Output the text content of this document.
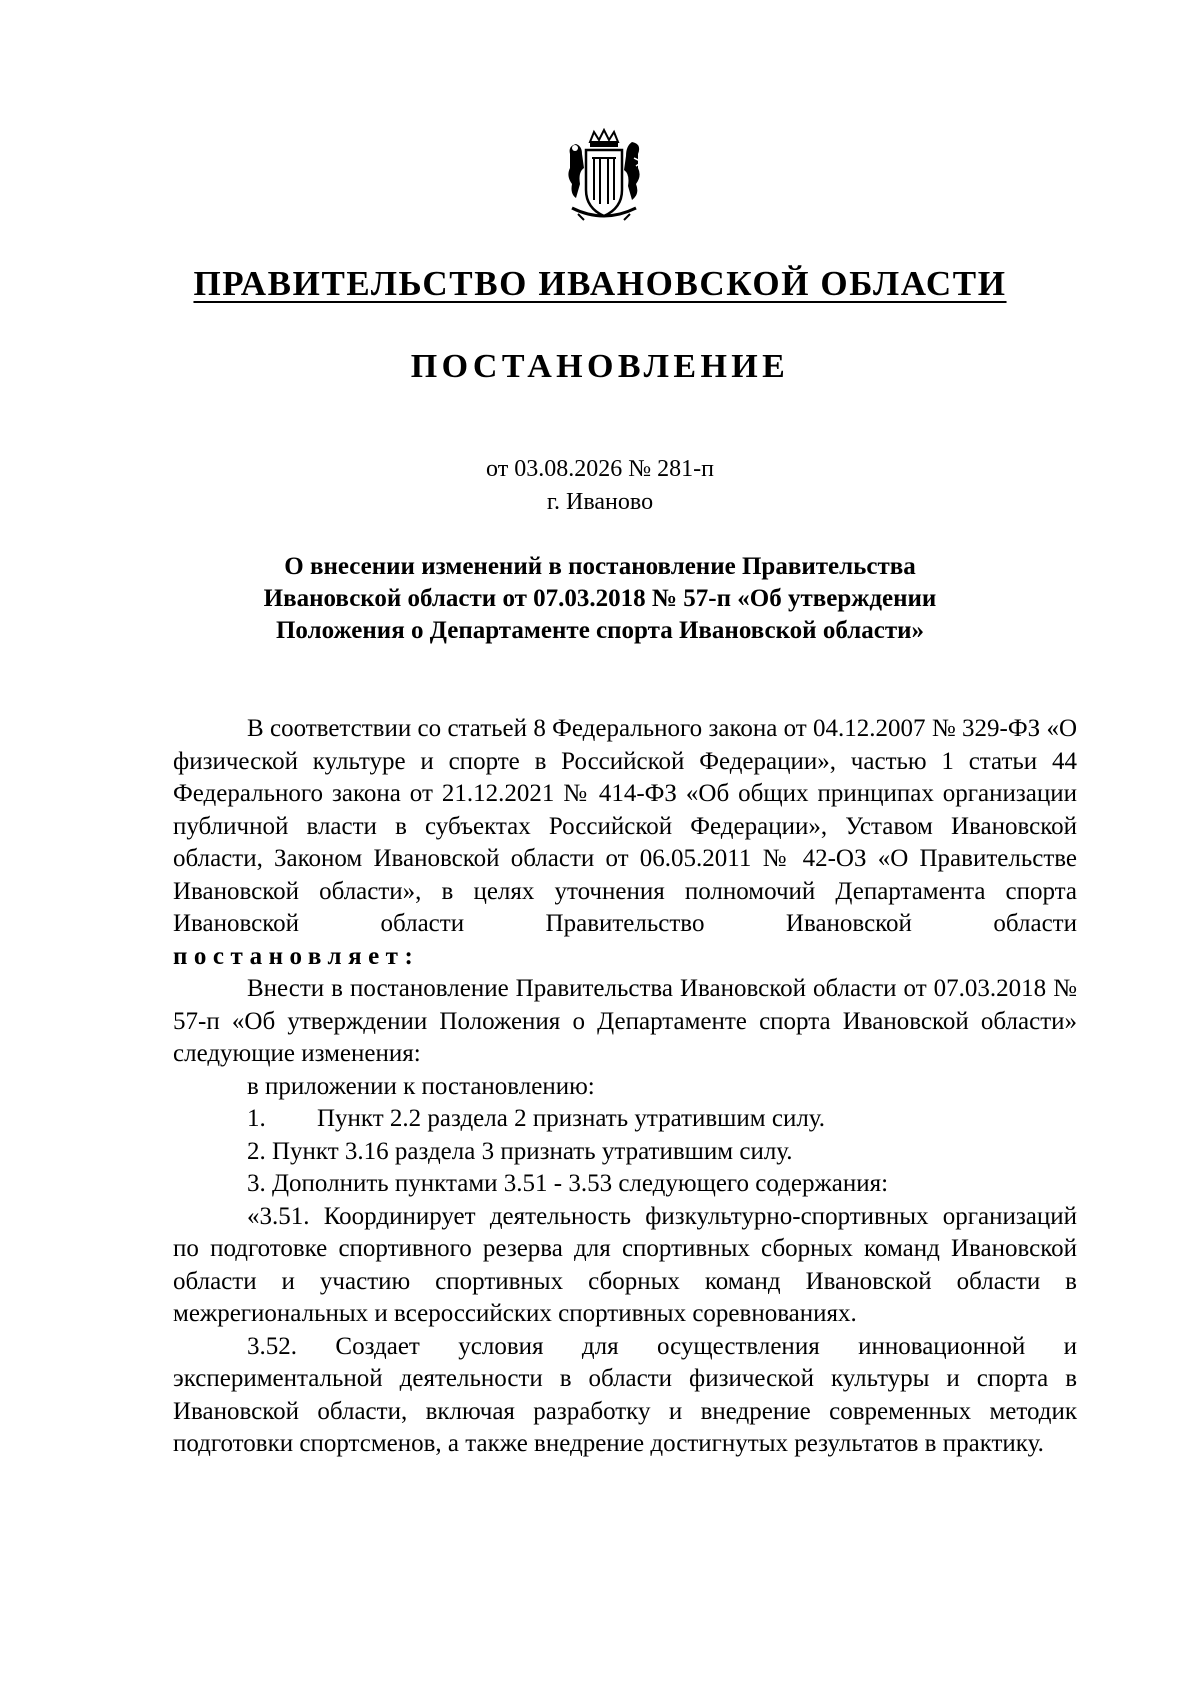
ПРАВИТЕЛЬСТВО ИВАНОВСКОЙ ОБЛАСТИ
ПОСТАНОВЛЕНИЕ
от 03.08.2026 № 281-п
г. Иваново
О внесении изменений в постановление Правительства
Ивановской области от 07.03.2018 № 57-п «Об утверждении
Положения о Департаменте спорта Ивановской области»

В соответствии со статьей 8 Федерального закона от 04.12.2007 № 329-ФЗ «О физической культуре и спорте в Российской Федерации», частью 1 статьи 44 Федерального закона от 21.12.2021 № 414-ФЗ «Об общих принципах организации публичной власти в субъектах Российской Федерации», Уставом Ивановской области, Законом Ивановской области от 06.05.2011 № 42-ОЗ «О Правительстве Ивановской области», в целях уточнения полномочий Департамента спорта Ивановской области Правительство Ивановской области

постановляет:

Внести в постановление Правительства Ивановской области от 07.03.2018 № 57-п «Об утверждении Положения о Департаменте спорта Ивановской области» следующие изменения:

в приложении к постановлению:

1. Пункт 2.2 раздела 2 признать утратившим силу.

2. Пункт 3.16 раздела 3 признать утратившим силу.

3. Дополнить пунктами 3.51 - 3.53 следующего содержания:

«3.51. Координирует деятельность физкультурно-спортивных организаций по подготовке спортивного резерва для спортивных сборных команд Ивановской области и участию спортивных сборных команд Ивановской области в межрегиональных и всероссийских спортивных соревнованиях.

3.52. Создает условия для осуществления инновационной и экспериментальной деятельности в области физической культуры и спорта в Ивановской области, включая разработку и внедрение современных методик подготовки спортсменов, а также внедрение достигнутых результатов в практику.
